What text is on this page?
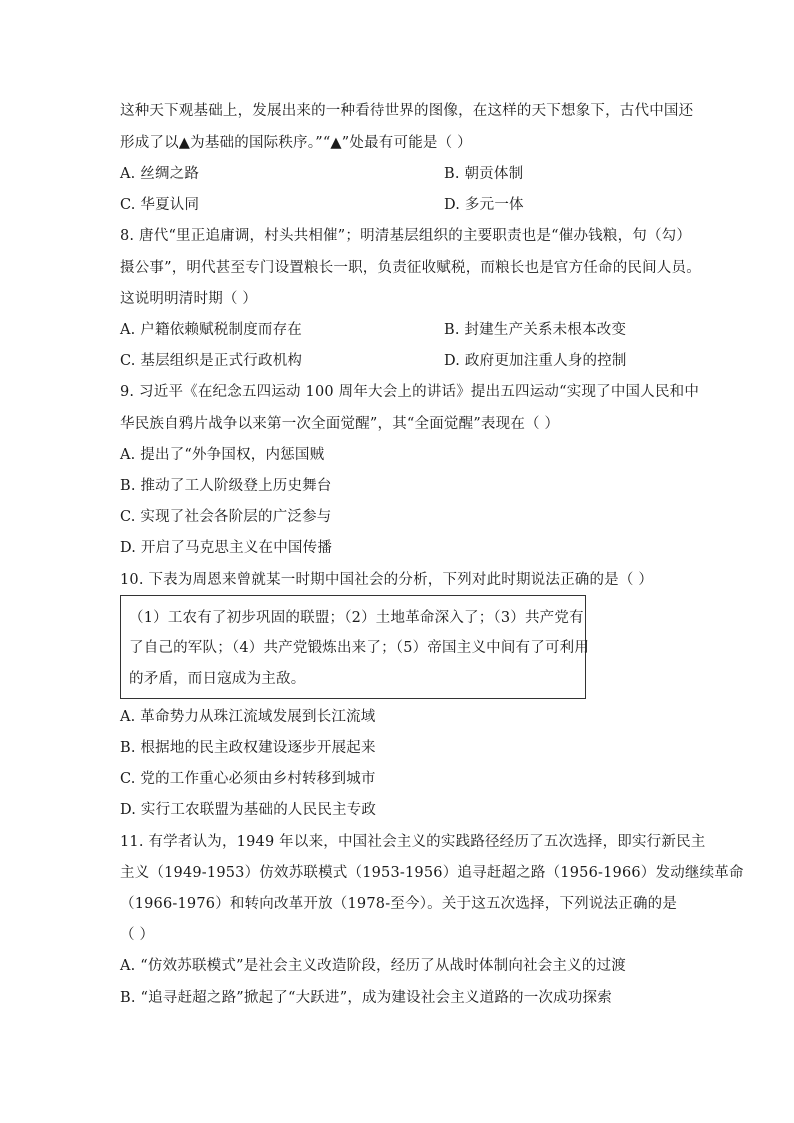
这种天下观基础上，发展出来的一种看待世界的图像，在这样的天下想象下，古代中国还
形成了以▲为基础的国际秩序。”“▲”处最有可能是（ ）
A. 丝绸之路	B. 朝贡体制
C. 华夏认同	D. 多元一体
8. 唐代“里正追庸调，村头共相催”；明清基层组织的主要职责也是“催办钱粮，句（勾）
摄公事”，明代甚至专门设置粮长一职，负责征收赋税，而粮长也是官方任命的民间人员。
这说明明清时期（ ）
A. 户籍依赖赋税制度而存在	B. 封建生产关系未根本改变
C. 基层组织是正式行政机构	D. 政府更加注重人身的控制
9. 习近平《在纪念五四运动 100 周年大会上的讲话》提出五四运动“实现了中国人民和中
华民族自鸦片战争以来第一次全面觉醒”，其“全面觉醒”表现在（ ）
A. 提出了“外争国权，内惩国贼
B. 推动了工人阶级登上历史舞台
C. 实现了社会各阶层的广泛参与
D. 开启了马克思主义在中国传播
10. 下表为周恩来曾就某一时期中国社会的分析，下列对此时期说法正确的是（ ）
（1）工农有了初步巩固的联盟；（2）土地革命深入了；（3）共产党有
了自己的军队；（4）共产党锻炼出来了；（5）帝国主义中间有了可利用
的矛盾，而日寇成为主敌。
A. 革命势力从珠江流域发展到长江流域
B. 根据地的民主政权建设逐步开展起来
C. 党的工作重心必须由乡村转移到城市
D. 实行工农联盟为基础的人民民主专政
11. 有学者认为，1949 年以来，中国社会主义的实践路径经历了五次选择，即实行新民主
主义（1949-1953）仿效苏联模式（1953-1956）追寻赶超之路（1956-1966）发动继续革命
（1966-1976）和转向改革开放（1978-至今）。关于这五次选择，下列说法正确的是
（ ）
A. “仿效苏联模式”是社会主义改造阶段，经历了从战时体制向社会主义的过渡
B. “追寻赶超之路”掀起了“大跃进”，成为建设社会主义道路的一次成功探索
